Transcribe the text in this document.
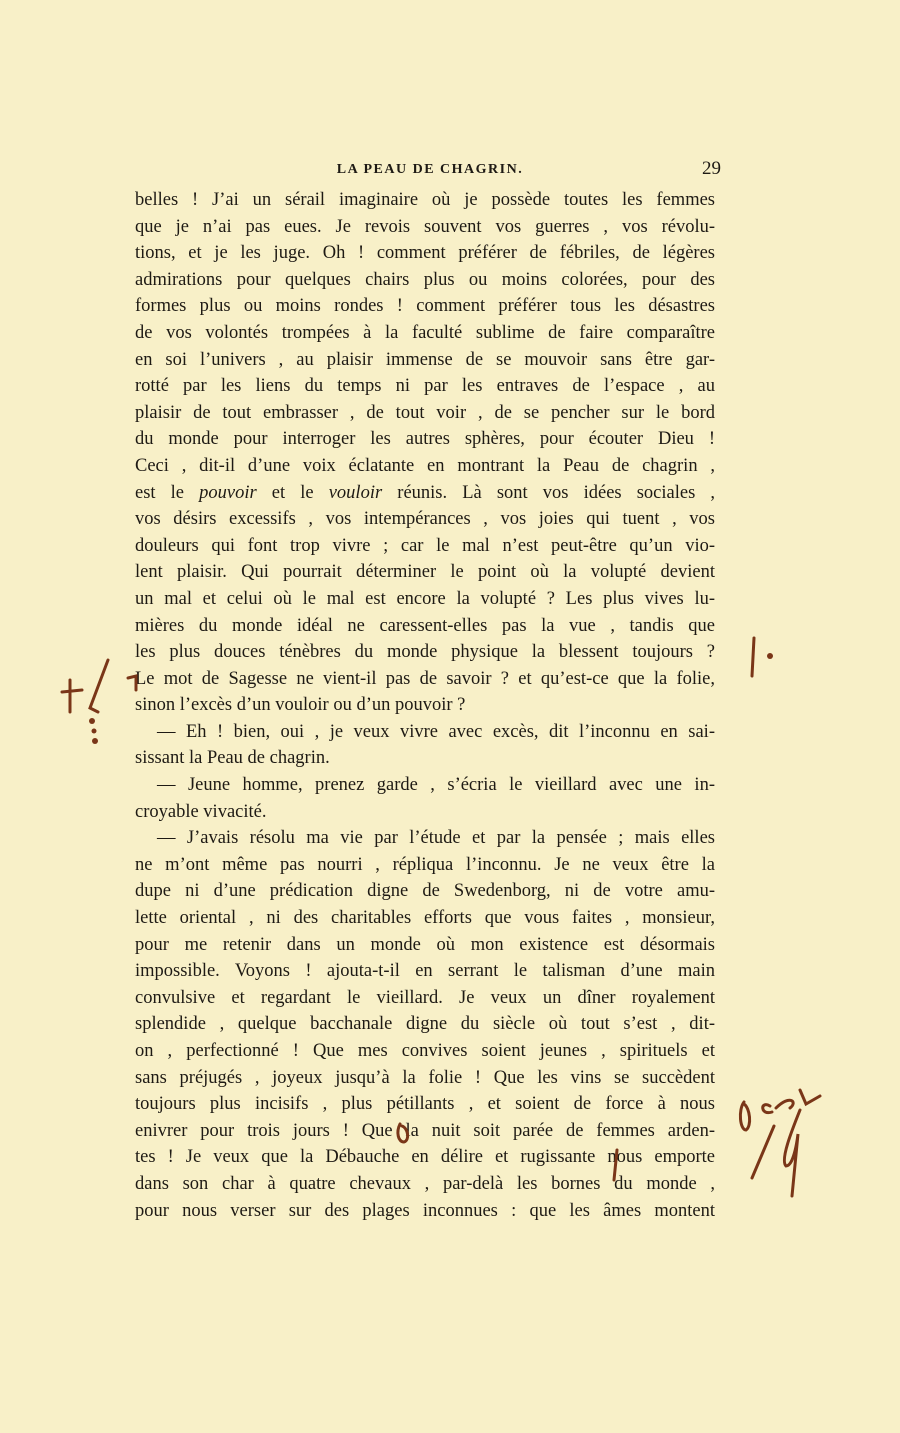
LA PEAU DE CHAGRIN.	29
belles ! J’ai un sérail imaginaire où je possède toutes les femmes
que je n’ai pas eues. Je revois souvent vos guerres , vos révolu-
tions, et je les juge. Oh ! comment préférer de fébriles, de légères
admirations pour quelques chairs plus ou moins colorées, pour des
formes plus ou moins rondes ! comment préférer tous les désastres
de vos volontés trompées à la faculté sublime de faire comparaître
en soi l’univers , au plaisir immense de se mouvoir sans être gar-
rotté par les liens du temps ni par les entraves de l’espace , au
plaisir de tout embrasser , de tout voir , de se pencher sur le bord
du monde pour interroger les autres sphères, pour écouter Dieu !
Ceci , dit-il d’une voix éclatante en montrant la Peau de chagrin ,
est le pouvoir et le vouloir réunis. Là sont vos idées sociales ,
vos désirs excessifs , vos intempérances , vos joies qui tuent , vos
douleurs qui font trop vivre ; car le mal n’est peut-être qu’un vio-
lent plaisir. Qui pourrait déterminer le point où la volupté devient
un mal et celui où le mal est encore la volupté ? Les plus vives lu-
mières du monde idéal ne caressent-elles pas la vue , tandis que
les plus douces ténèbres du monde physique la blessent toujours ?
Le mot de Sagesse ne vient-il pas de savoir ? et qu’est-ce que la folie,
sinon l’excès d’un vouloir ou d’un pouvoir ?
— Eh ! bien, oui , je veux vivre avec excès, dit l’inconnu en sai-
sissant la Peau de chagrin.
— Jeune homme, prenez garde , s’écria le vieillard avec une in-
croyable vivacité.
— J’avais résolu ma vie par l’étude et par la pensée ; mais elles
ne m’ont même pas nourri , répliqua l’inconnu. Je ne veux être la
dupe ni d’une prédication digne de Swedenborg, ni de votre amu-
lette oriental , ni des charitables efforts que vous faites , monsieur,
pour me retenir dans un monde où mon existence est désormais
impossible. Voyons ! ajouta-t-il en serrant le talisman d’une main
convulsive et regardant le vieillard. Je veux un dîner royalement
splendide , quelque bacchanale digne du siècle où tout s’est , dit-
on , perfectionné ! Que mes convives soient jeunes , spirituels et
sans préjugés , joyeux jusqu’à la folie ! Que les vins se succèdent
toujours plus incisifs , plus pétillants , et soient de force à nous
enivrer pour trois jours ! Que la nuit soit parée de femmes arden-
tes ! Je veux que la Débauche en délire et rugissante nous emporte
dans son char à quatre chevaux , par-delà les bornes du monde ,
pour nous verser sur des plages inconnues : que les âmes montent
